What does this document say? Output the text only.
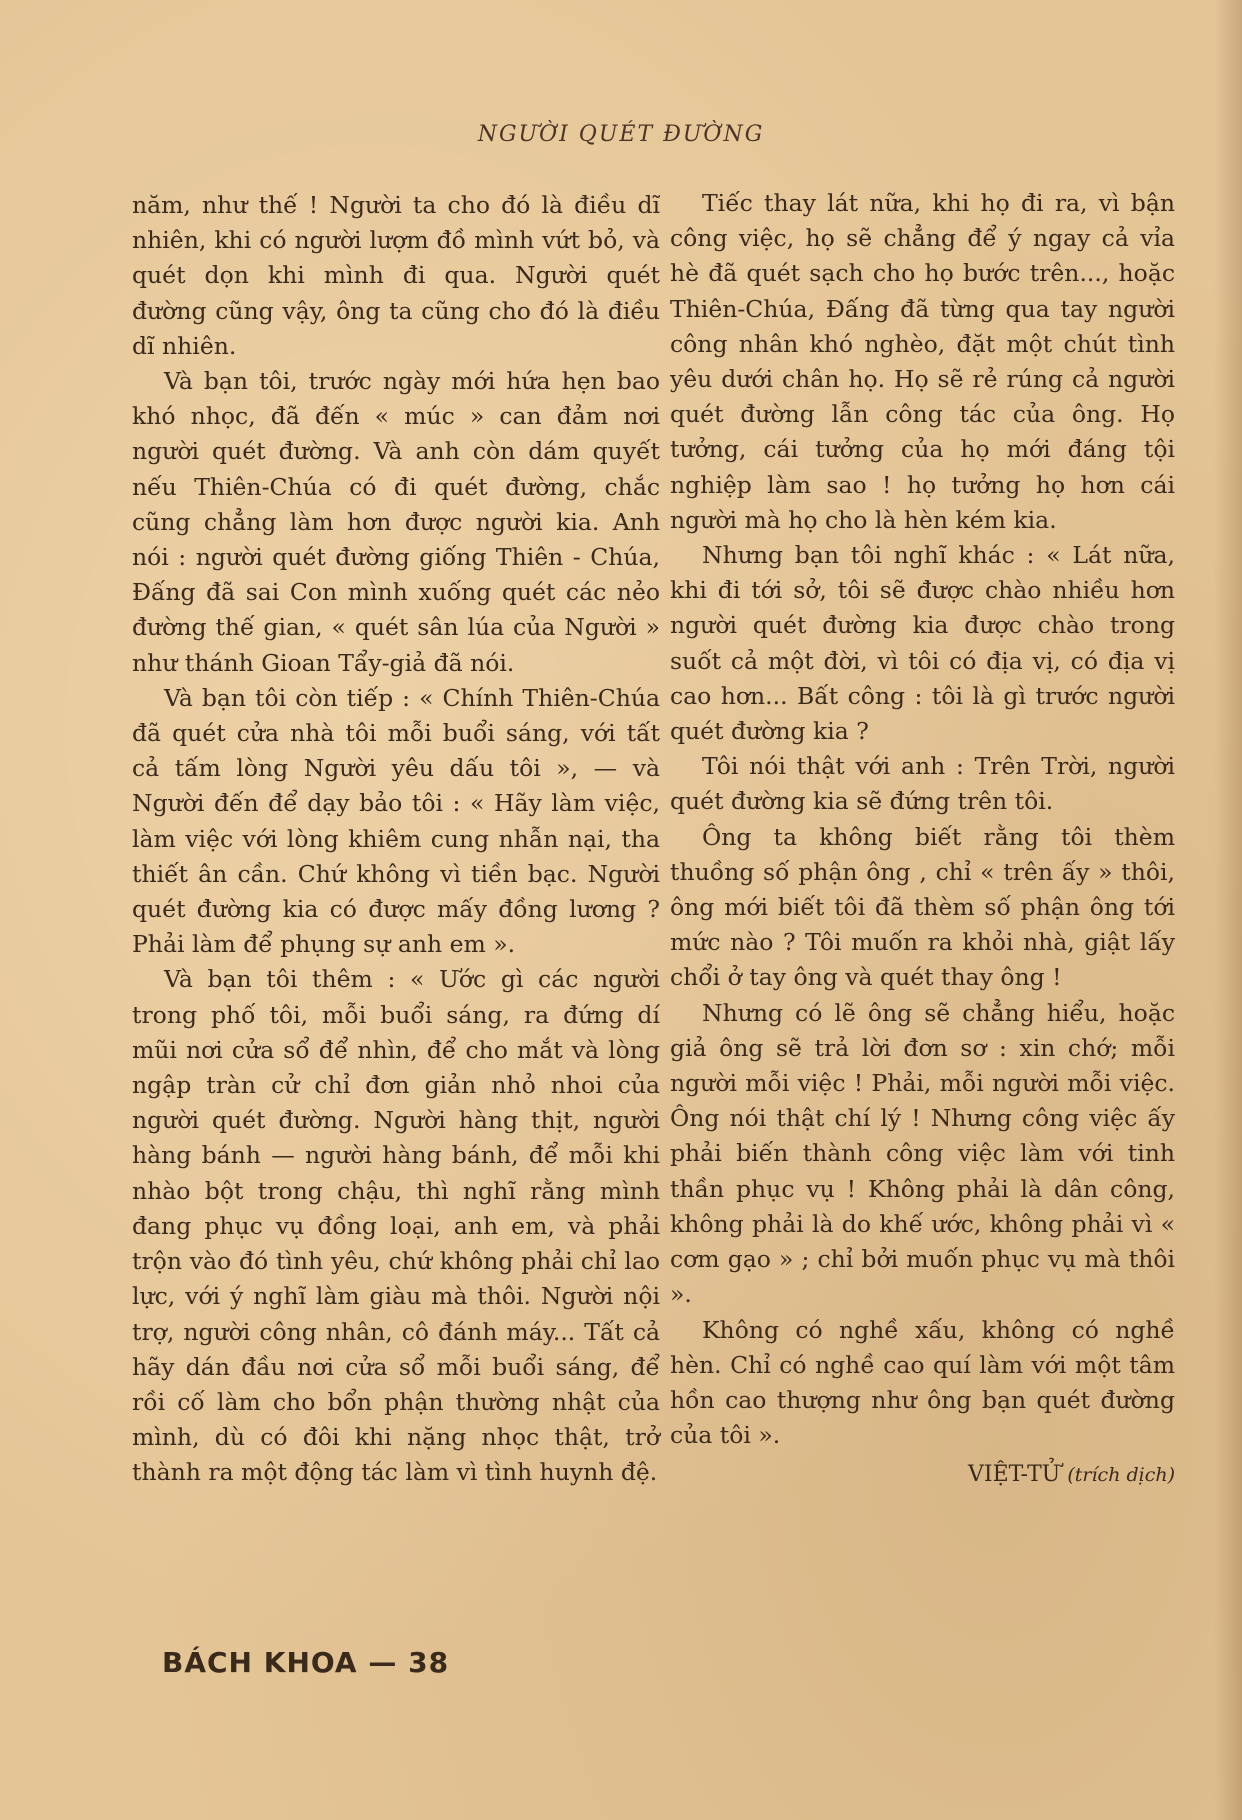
NGƯỜI QUÉT ĐƯỜNG

năm, như thế ! Người ta cho đó là điều dĩ nhiên, khi có người lượm đồ mình vứt bỏ, và quét dọn khi mình đi qua. Người quét đường cũng vậy, ông ta cũng cho đó là điều dĩ nhiên.

Và bạn tôi, trước ngày mới hứa hẹn bao khó nhọc, đã đến « múc » can đảm nơi người quét đường. Và anh còn dám quyết nếu Thiên-Chúa có đi quét đường, chắc cũng chẳng làm hơn được người kia. Anh nói : người quét đường giống Thiên - Chúa, Đấng đã sai Con mình xuống quét các nẻo đường thế gian, « quét sân lúa của Người » như thánh Gioan Tẩy-giả đã nói.

Và bạn tôi còn tiếp : « Chính Thiên-Chúa đã quét cửa nhà tôi mỗi buổi sáng, với tất cả tấm lòng Người yêu dấu tôi », — và Người đến để dạy bảo tôi : « Hãy làm việc, làm việc với lòng khiêm cung nhẫn nại, tha thiết ân cần. Chứ không vì tiền bạc. Người quét đường kia có được mấy đồng lương ? Phải làm để phụng sự anh em ».

Và bạn tôi thêm : « Ước gì các người trong phố tôi, mỗi buổi sáng, ra đứng dí mũi nơi cửa sổ để nhìn, để cho mắt và lòng ngập tràn cử chỉ đơn giản nhỏ nhoi của người quét đường. Người hàng thịt, người hàng bánh — người hàng bánh, để mỗi khi nhào bột trong chậu, thì nghĩ rằng mình đang phục vụ đồng loại, anh em, và phải trộn vào đó tình yêu, chứ không phải chỉ lao lực, với ý nghĩ làm giàu mà thôi. Người nội trợ, người công nhân, cô đánh máy... Tất cả hãy dán đầu nơi cửa sổ mỗi buổi sáng, để rồi cố làm cho bổn phận thường nhật của mình, dù có đôi khi nặng nhọc thật, trở thành ra một động tác làm vì tình huynh đệ.

Tiếc thay lát nữa, khi họ đi ra, vì bận công việc, họ sẽ chẳng để ý ngay cả vỉa hè đã quét sạch cho họ bước trên..., hoặc Thiên-Chúa, Đấng đã từng qua tay người công nhân khó nghèo, đặt một chút tình yêu dưới chân họ. Họ sẽ rẻ rúng cả người quét đường lẫn công tác của ông. Họ tưởng, cái tưởng của họ mới đáng tội nghiệp làm sao ! họ tưởng họ hơn cái người mà họ cho là hèn kém kia.

Nhưng bạn tôi nghĩ khác : « Lát nữa, khi đi tới sở, tôi sẽ được chào nhiều hơn người quét đường kia được chào trong suốt cả một đời, vì tôi có địa vị, có địa vị cao hơn... Bất công : tôi là gì trước người quét đường kia ?

Tôi nói thật với anh : Trên Trời, người quét đường kia sẽ đứng trên tôi.

Ông ta không biết rằng tôi thèm thuồng số phận ông , chỉ « trên ấy » thôi, ông mới biết tôi đã thèm số phận ông tới mức nào ? Tôi muốn ra khỏi nhà, giật lấy chổi ở tay ông và quét thay ông !

Nhưng có lẽ ông sẽ chẳng hiểu, hoặc giả ông sẽ trả lời đơn sơ : xin chớ; mỗi người mỗi việc ! Phải, mỗi người mỗi việc. Ông nói thật chí lý ! Nhưng công việc ấy phải biến thành công việc làm với tinh thần phục vụ ! Không phải là dân công, không phải là do khế ước, không phải vì « cơm gạo » ; chỉ bởi muốn phục vụ mà thôi ».

Không có nghề xấu, không có nghề hèn. Chỉ có nghề cao quí làm với một tâm hồn cao thượng như ông bạn quét đường của tôi ».

VIỆT-TỬ (trích dịch)
BÁCH KHOA — 38
